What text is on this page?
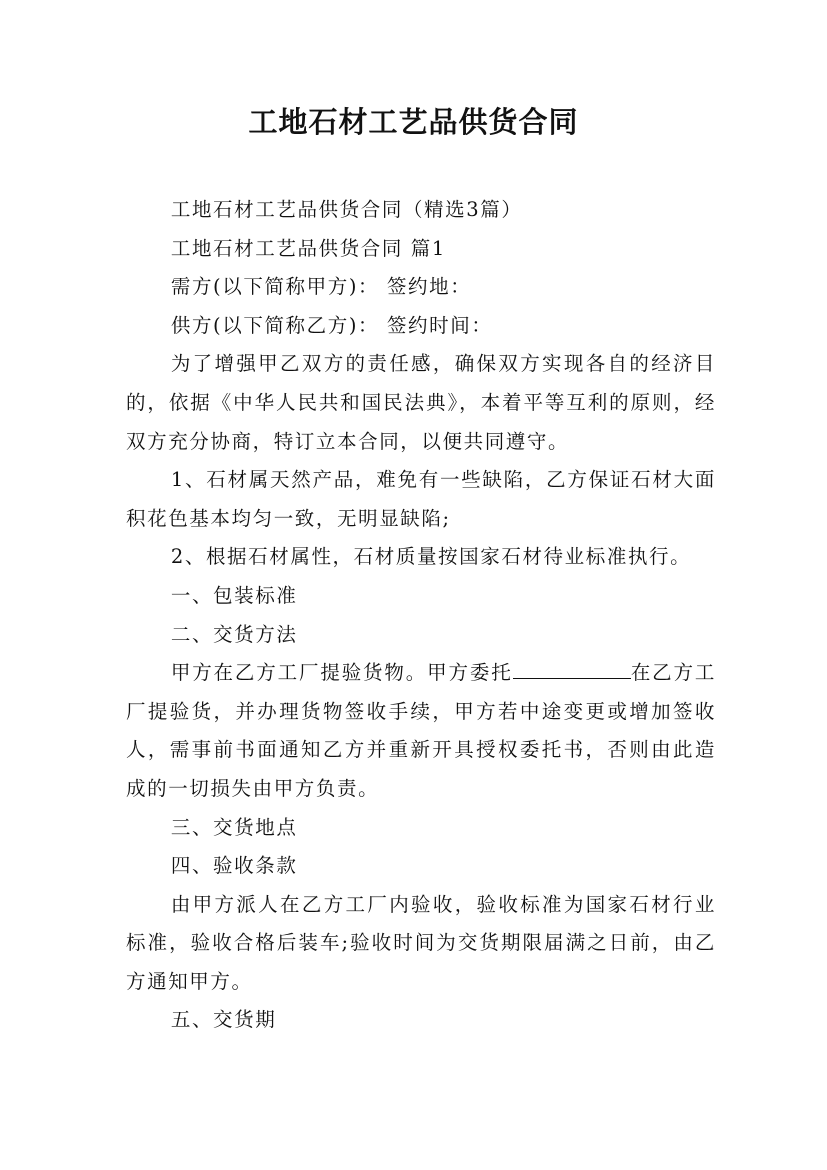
工地石材工艺品供货合同

工地石材工艺品供货合同（精选3篇）

工地石材工艺品供货合同 篇1

需方(以下简称甲方)： 签约地：

供方(以下简称乙方)： 签约时间：

为了增强甲乙双方的责任感，确保双方实现各自的经济目的，依据《中华人民共和国民法典》，本着平等互利的原则，经双方充分协商，特订立本合同，以便共同遵守。

1、石材属天然产品，难免有一些缺陷，乙方保证石材大面积花色基本均匀一致，无明显缺陷;

2、根据石材属性，石材质量按国家石材待业标准执行。

一、包装标准

二、交货方法

甲方在乙方工厂提验货物。甲方委托	在乙方工厂提验货，并办理货物签收手续，甲方若中途变更或增加签收人，需事前书面通知乙方并重新开具授权委托书，否则由此造成的一切损失由甲方负责。

三、交货地点

四、验收条款

由甲方派人在乙方工厂内验收，验收标准为国家石材行业标准，验收合格后装车;验收时间为交货期限届满之日前，由乙方通知甲方。

五、交货期
